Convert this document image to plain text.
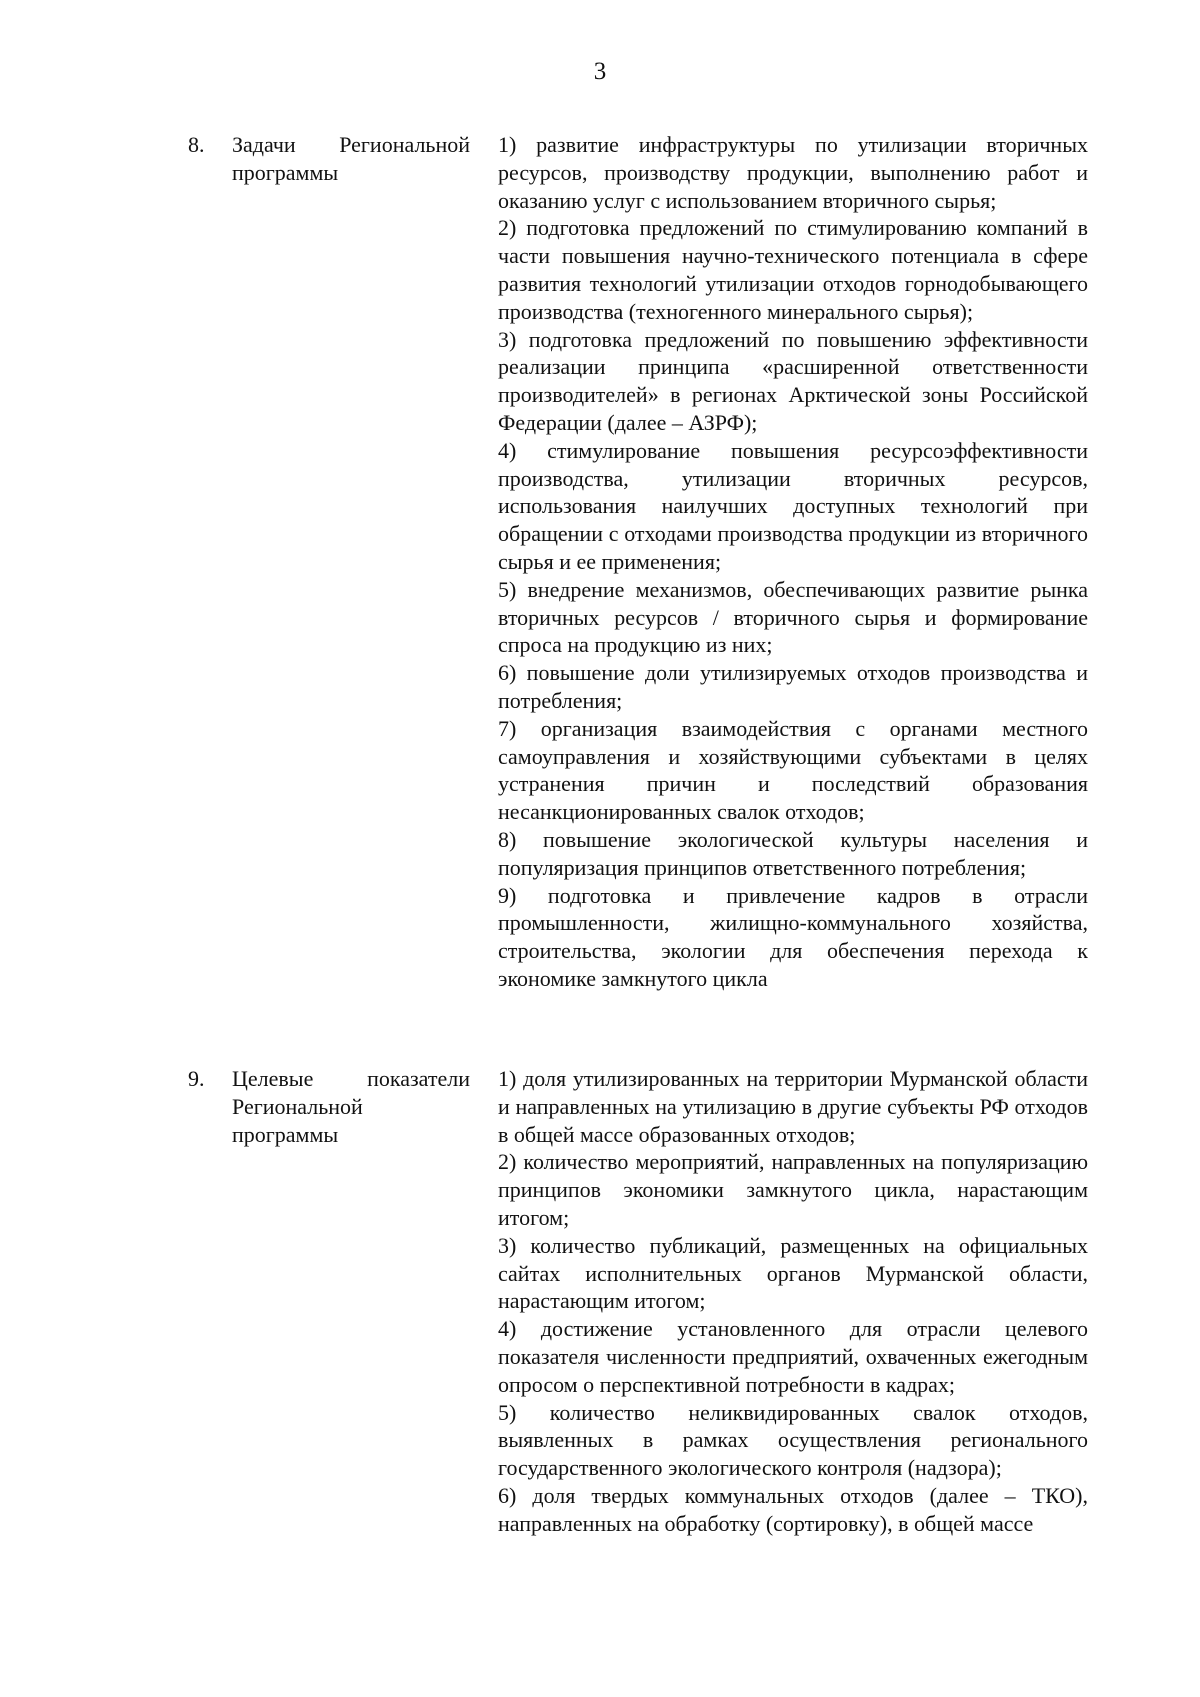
3
8. Задачи Региональной
программы

1) развитие инфраструктуры по утилизации вторичных ресурсов, производству продукции, выполнению работ и оказанию услуг с использованием вторичного сырья;

2) подготовка предложений по стимулированию компаний в части повышения научно-технического потенциала в сфере развития технологий утилизации отходов горнодобывающего производства (техногенного минерального сырья);

3) подготовка предложений по повышению эффективности реализации принципа «расширенной ответственности производителей» в регионах Арктической зоны Российской Федерации (далее – АЗРФ);

4) стимулирование повышения ресурсоэффективности производства, утилизации вторичных ресурсов, использования наилучших доступных технологий при обращении с отходами производства продукции из вторичного сырья и ее применения;

5) внедрение механизмов, обеспечивающих развитие рынка вторичных ресурсов / вторичного сырья и формирование спроса на продукцию из них;

6) повышение доли утилизируемых отходов производства и потребления;

7) организация взаимодействия с органами местного самоуправления и хозяйствующими субъектами в целях устранения причин и последствий образования несанкционированных свалок отходов;

8) повышение экологической культуры населения и популяризация принципов ответственного потребления;

9) подготовка и привлечение кадров в отрасли промышленности, жилищно-коммунального хозяйства, строительства, экологии для обеспечения перехода к экономике замкнутого цикла

9. Целевые показатели
Региональной
программы

1) доля утилизированных на территории Мурманской области и направленных на утилизацию в другие субъекты РФ отходов в общей массе образованных отходов;

2) количество мероприятий, направленных на популяризацию принципов экономики замкнутого цикла, нарастающим итогом;

3) количество публикаций, размещенных на официальных сайтах исполнительных органов Мурманской области, нарастающим итогом;

4) достижение установленного для отрасли целевого показателя численности предприятий, охваченных ежегодным опросом о перспективной потребности в кадрах;

5) количество неликвидированных свалок отходов, выявленных в рамках осуществления регионального государственного экологического контроля (надзора);

6) доля твердых коммунальных отходов (далее – ТКО), направленных на обработку (сортировку), в общей массе
